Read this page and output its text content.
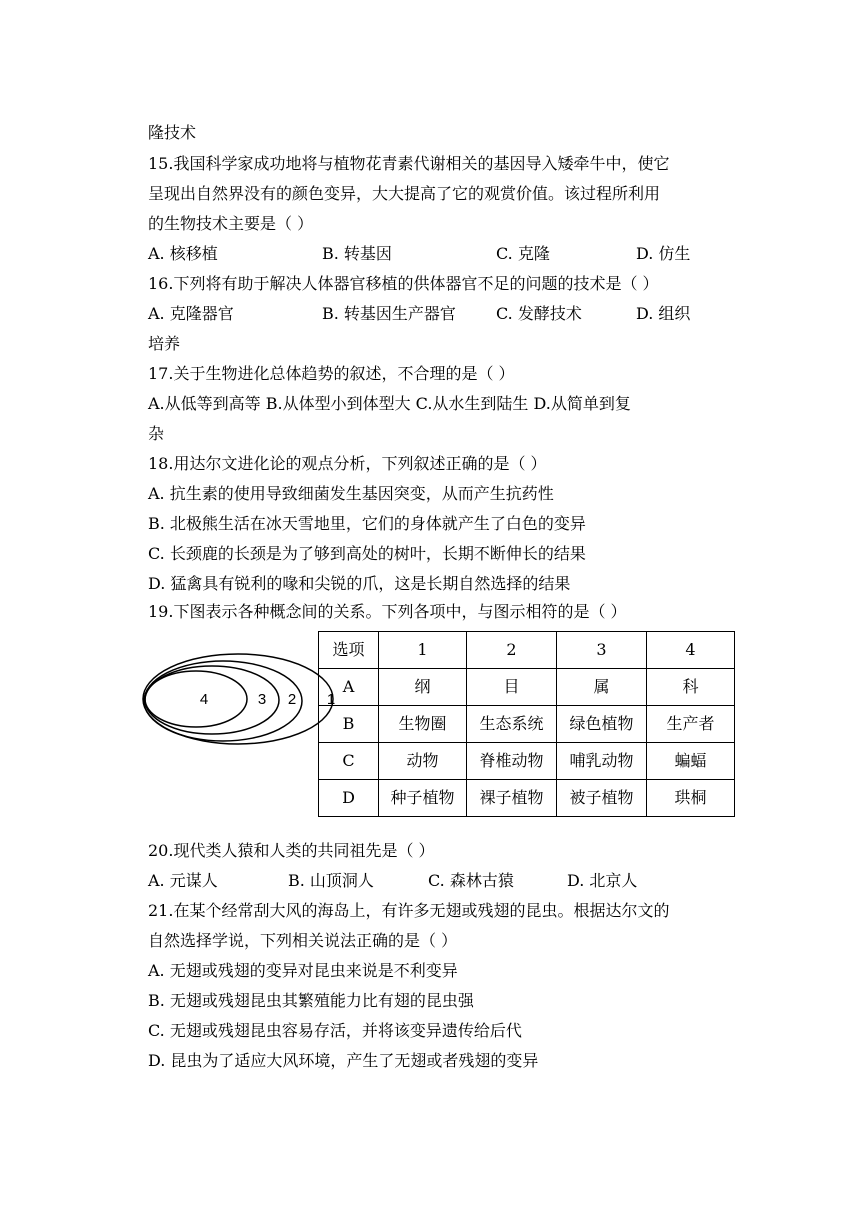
隆技术
15.我国科学家成功地将与植物花青素代谢相关的基因导入矮牵牛中，使它
呈现出自然界没有的颜色变异，大大提高了它的观赏价值。该过程所利用
的生物技术主要是（ ）
A. 核移植	B. 转基因	C. 克隆	D. 仿生
16.下列将有助于解决人体器官移植的供体器官不足的问题的技术是（ ）
A. 克隆器官	B. 转基因生产器官	C. 发酵技术	D. 组织
培养
17.关于生物进化总体趋势的叙述，不合理的是（ ）
A.从低等到高等 B.从体型小到体型大 C.从水生到陆生 D.从简单到复
杂
18.用达尔文进化论的观点分析，下列叙述正确的是（ ）
A. 抗生素的使用导致细菌发生基因突变，从而产生抗药性
B. 北极熊生活在冰天雪地里，它们的身体就产生了白色的变异
C. 长颈鹿的长颈是为了够到高处的树叶，长期不断伸长的结果
D. 猛禽具有锐利的喙和尖锐的爪，这是长期自然选择的结果
19.下图表示各种概念间的关系。下列各项中，与图示相符的是（ ）
选项	1	2	3	4
A	纲	目	属	科
B	生物圈	生态系统	绿色植物	生产者
C	动物	脊椎动物	哺乳动物	蝙蝠
D	种子植物	裸子植物	被子植物	珙桐
4	3 2 1
20.现代类人猿和人类的共同祖先是（ ）
A. 元谋人	B. 山顶洞人	C. 森林古猿	D. 北京人
21.在某个经常刮大风的海岛上，有许多无翅或残翅的昆虫。根据达尔文的
自然选择学说，下列相关说法正确的是（ ）
A. 无翅或残翅的变异对昆虫来说是不利变异
B. 无翅或残翅昆虫其繁殖能力比有翅的昆虫强
C. 无翅或残翅昆虫容易存活，并将该变异遗传给后代
D. 昆虫为了适应大风环境，产生了无翅或者残翅的变异
